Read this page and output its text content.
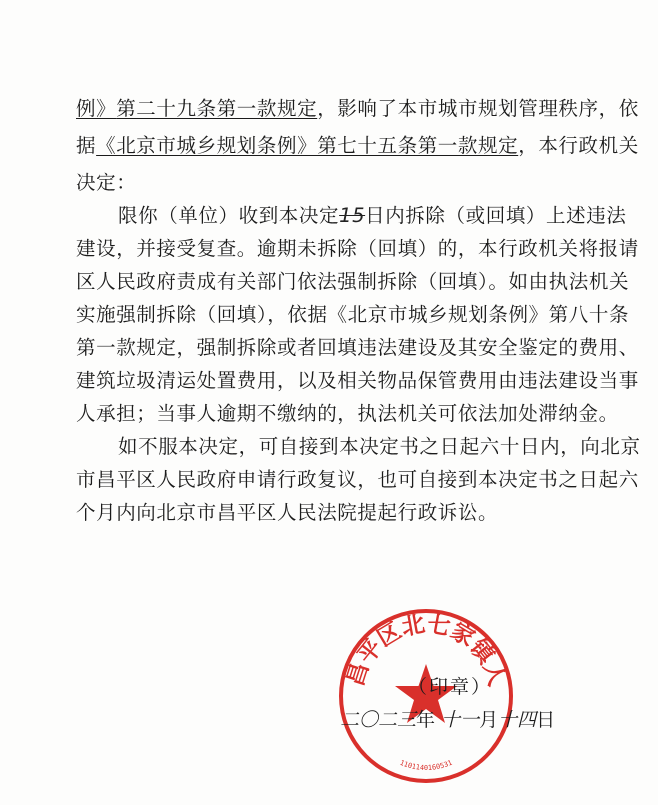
例》第二十九条第一款规定，影响了本市城市规划管理秩序，依
据《北京市城乡规划条例》第七十五条第一款规定，本行政机关
决定：
限你（单位）收到本决定15日内拆除（或回填）上述违法
建设，并接受复查。逾期未拆除（回填）的，本行政机关将报请
区人民政府责成有关部门依法强制拆除（回填）。如由执法机关
实施强制拆除（回填），依据《北京市城乡规划条例》第八十条
第一款规定，强制拆除或者回填违法建设及其安全鉴定的费用、
建筑垃圾清运处置费用，以及相关物品保管费用由违法建设当事
人承担；当事人逾期不缴纳的，执法机关可依法加处滞纳金。
如不服本决定，可自接到本决定书之日起六十日内，向北京
市昌平区人民政府申请行政复议，也可自接到本决定书之日起六
个月内向北京市昌平区人民法院提起行政诉讼。
昌平区北七家镇人
1101140160531
（印章）
二〇二三年 十一月十四日
